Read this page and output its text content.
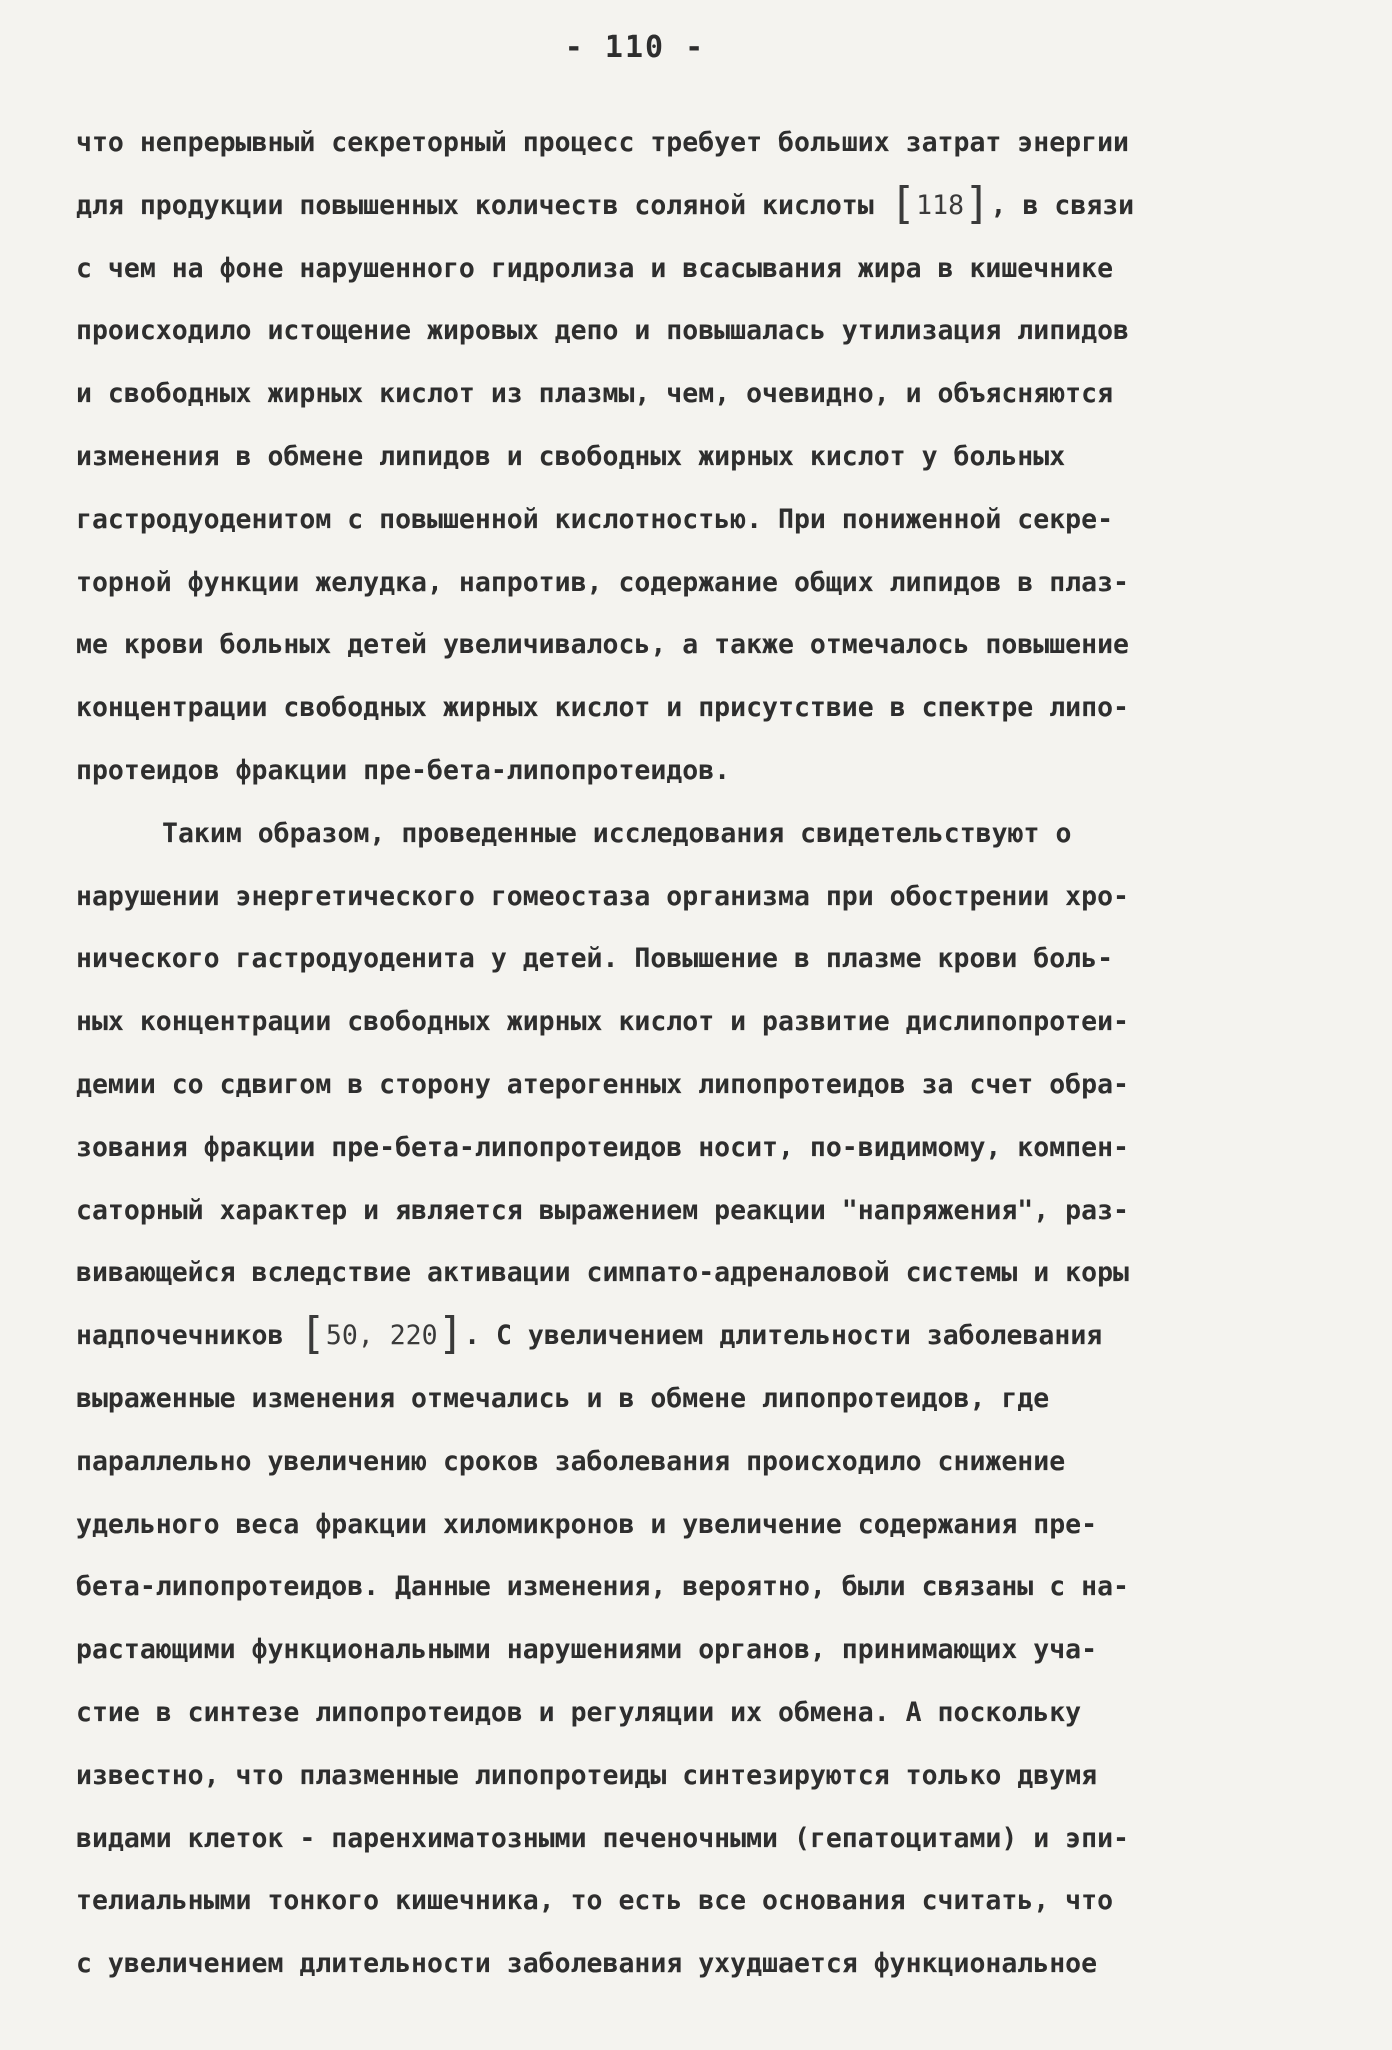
- 110 -
что непрерывный секреторный процесс требует больших затрат энергии
для продукции повышенных количеств соляной кислоты [118], в связи
с чем на фоне нарушенного гидролиза и всасывания жира в кишечнике
происходило истощение жировых депо и повышалась утилизация липидов
и свободных жирных кислот из плазмы, чем, очевидно, и объясняются
изменения в обмене липидов и свободных жирных кислот у больных
гастродуоденитом с повышенной кислотностью. При пониженной секре-
торной функции желудка, напротив, содержание общих липидов в плаз-
ме крови больных детей увеличивалось, а также отмечалось повышение
концентрации свободных жирных кислот и присутствие в спектре липо-
протеидов фракции пре-бета-липопротеидов.
Таким образом, проведенные исследования свидетельствуют о
нарушении энергетического гомеостаза организма при обострении хро-
нического гастродуоденита у детей. Повышение в плазме крови боль-
ных концентрации свободных жирных кислот и развитие дислипопротеи-
демии со сдвигом в сторону атерогенных липопротеидов за счет обра-
зования фракции пре-бета-липопротеидов носит, по-видимому, компен-
саторный характер и является выражением реакции "напряжения", раз-
вивающейся вследствие активации симпато-адреналовой системы и коры
надпочечников [50, 220]. С увеличением длительности заболевания
выраженные изменения отмечались и в обмене липопротеидов, где
параллельно увеличению сроков заболевания происходило снижение
удельного веса фракции хиломикронов и увеличение содержания пре-
бета-липопротеидов. Данные изменения, вероятно, были связаны с на-
растающими функциональными нарушениями органов, принимающих уча-
стие в синтезе липопротеидов и регуляции их обмена. А поскольку
известно, что плазменные липопротеиды синтезируются только двумя
видами клеток - паренхиматозными печеночными (гепатоцитами) и эпи-
телиальными тонкого кишечника, то есть все основания считать, что
с увеличением длительности заболевания ухудшается функциональное
